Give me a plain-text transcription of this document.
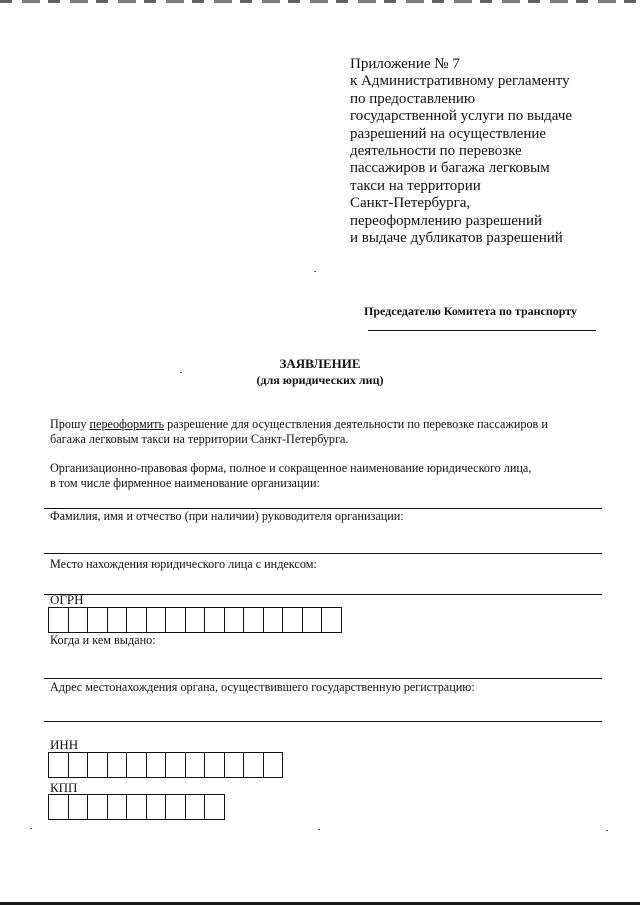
Приложение № 7
к Административному регламенту
по предоставлению
государственной услуги по выдаче
разрешений на осуществление
деятельности по перевозке
пассажиров и багажа легковым
такси на территории
Санкт-Петербурга,
переоформлению разрешений
и выдаче дубликатов разрешений
Председателю Комитета по транспорту
ЗАЯВЛЕНИЕ
(для юридических лиц)
Прошу переоформить разрешение для осуществления деятельности по перевозке пассажиров и
багажа легковым такси на территории Санкт-Петербурга.
Организационно-правовая форма, полное и сокращенное наименование юридического лица,
в том числе фирменное наименование организации:
Фамилия, имя и отчество (при наличии) руководителя организации:
Место нахождения юридического лица с индексом:
ОГРН
Когда и кем выдано:
Адрес местонахождения органа, осуществившего государственную регистрацию:
ИНН
КПП
